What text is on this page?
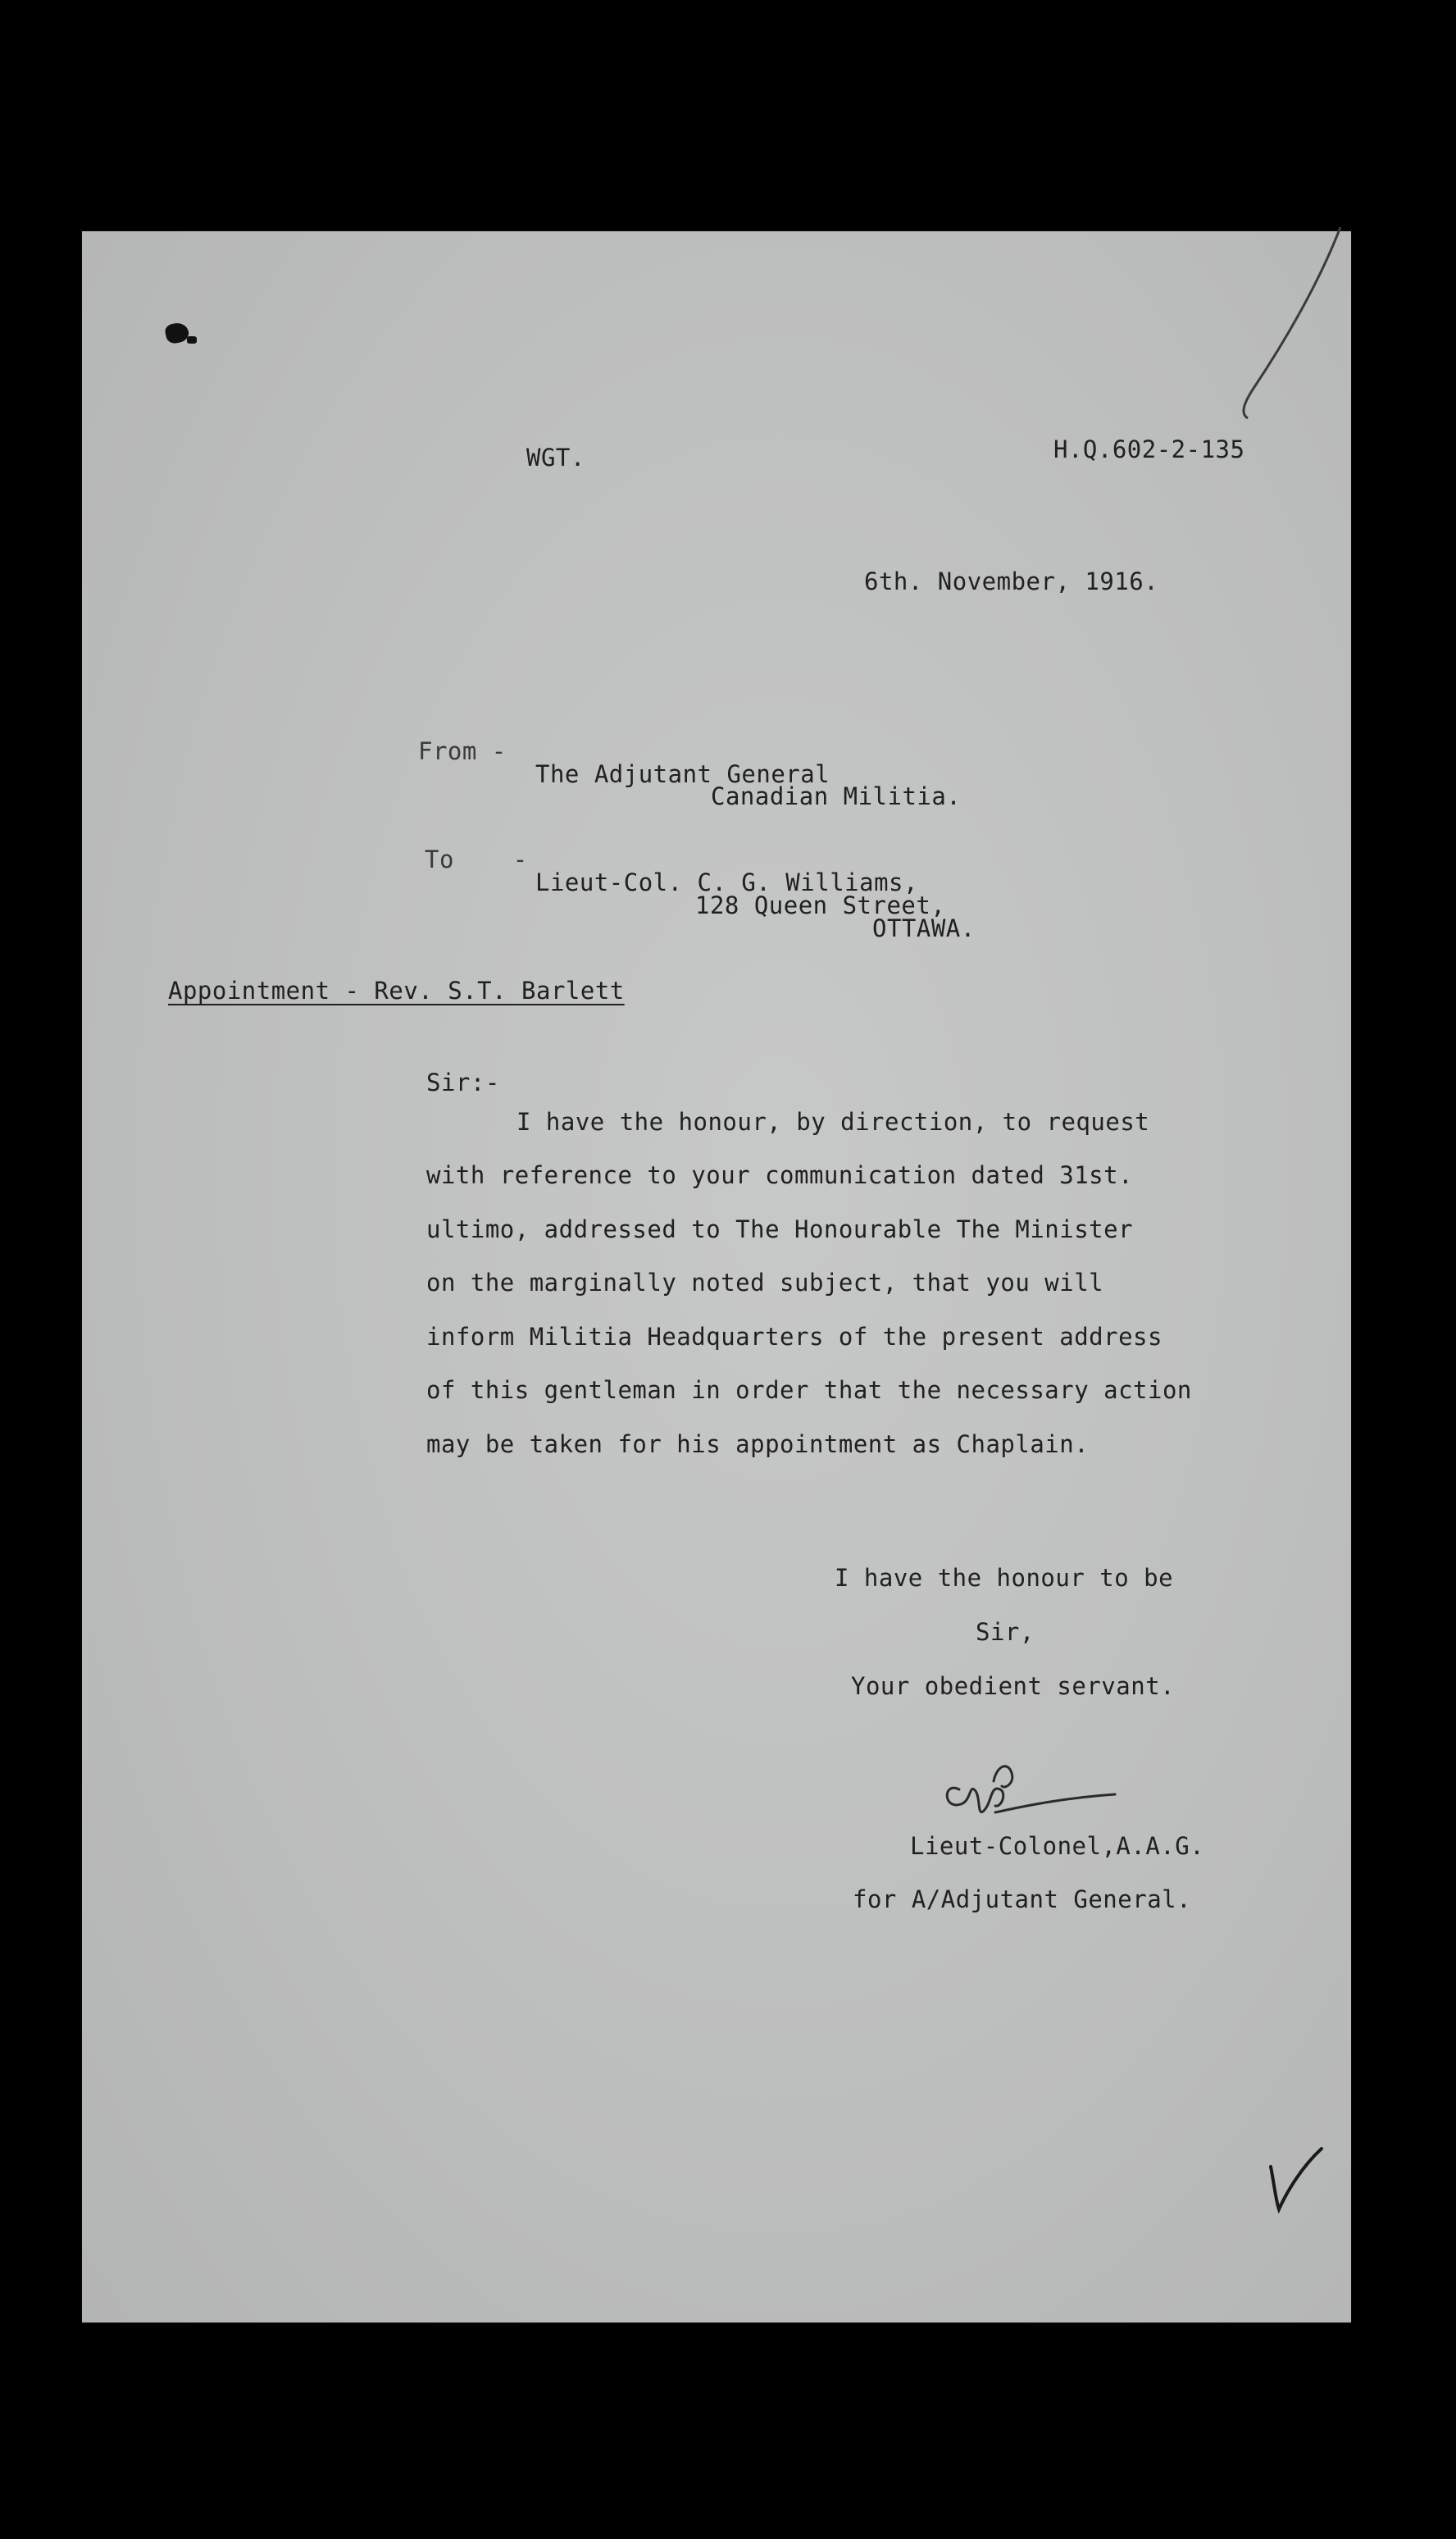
WGT.	H.Q.602-2-135

6th. November, 1916.

From -

The Adjutant General

Canadian Militia.

To    -

Lieut-Col. C. G. Williams,

128 Queen Street,

OTTAWA.

Appointment - Rev. S.T. Barlett

Sir:-

I have the honour, by direction, to request

with reference to your communication dated 31st.

ultimo, addressed to The Honourable The Minister

on the marginally noted subject, that you will

inform Militia Headquarters of the present address

of this gentleman in order that the necessary action

may be taken for his appointment as Chaplain.

I have the honour to be

Sir,

Your obedient servant.

Lieut-Colonel,A.A.G.

for A/Adjutant General.
